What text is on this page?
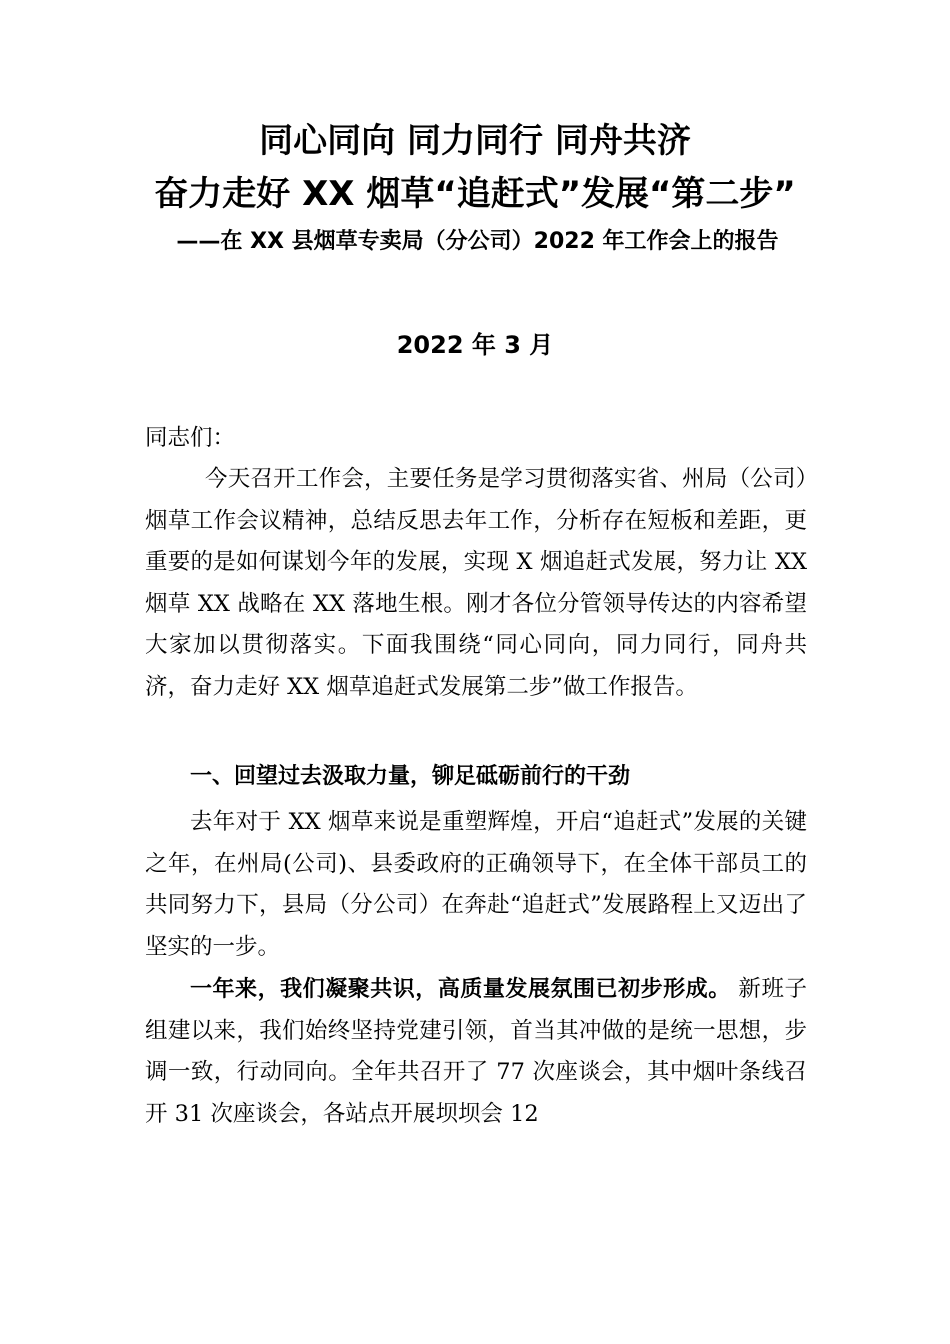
同心同向 同力同行 同舟共济
奋力走好 XX 烟草“追赶式”发展“第二步”
——在 XX 县烟草专卖局（分公司）2022 年工作会上的报告
2022 年 3 月
同志们：
今天召开工作会，主要任务是学习贯彻落实省、州局（公司）烟草工作会议精神，总结反思去年工作，分析存在短板和差距，更重要的是如何谋划今年的发展，实现 X 烟追赶式发展，努力让 XX 烟草 XX 战略在 XX 落地生根。刚才各位分管领导传达的内容希望大家加以贯彻落实。下面我围绕“同心同向，同力同行，同舟共济，奋力走好 XX 烟草追赶式发展第二步”做工作报告。
一、回望过去汲取力量，铆足砥砺前行的干劲
去年对于 XX 烟草来说是重塑辉煌，开启“追赶式”发展的关键之年，在州局(公司)、县委政府的正确领导下，在全体干部员工的共同努力下，县局（分公司）在奔赴“追赶式”发展路程上又迈出了坚实的一步。
一年来，我们凝聚共识，高质量发展氛围已初步形成。 新班子组建以来，我们始终坚持党建引领，首当其冲做的是统一思想，步调一致，行动同向。全年共召开了 77 次座谈会，其中烟叶条线召开 31 次座谈会，各站点开展坝坝会 12
